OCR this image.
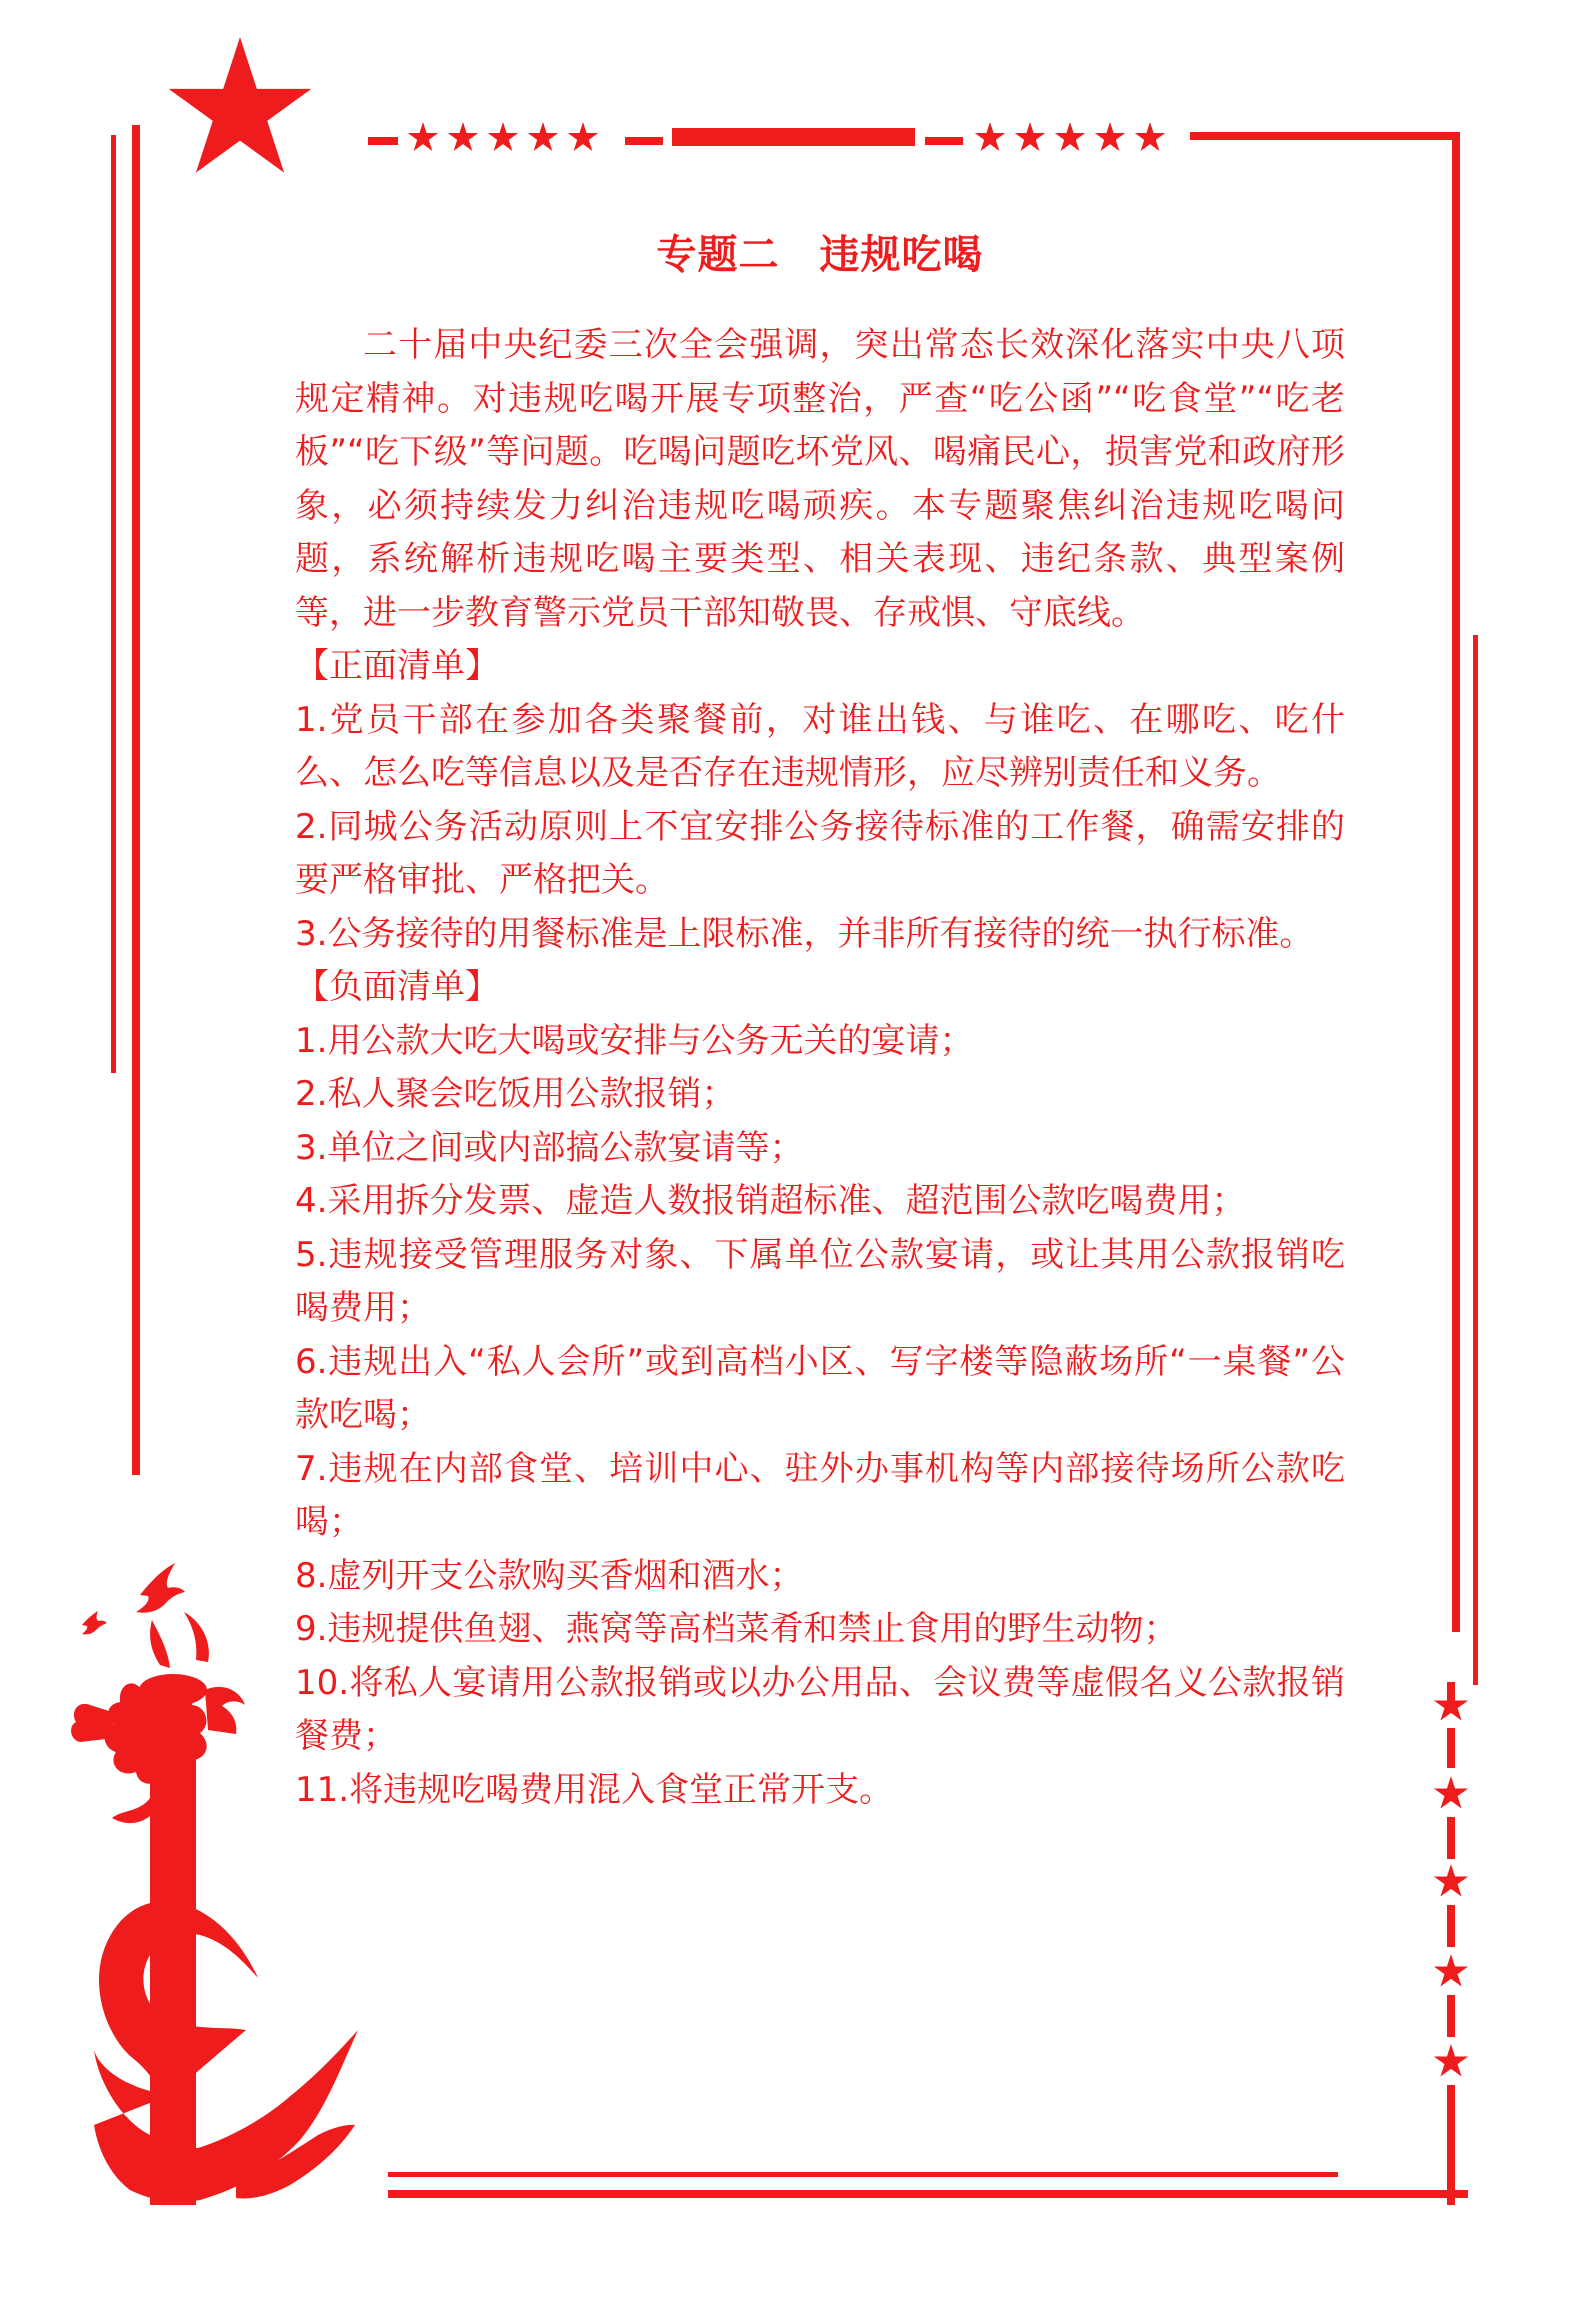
专题二 违规吃喝

二十届中央纪委三次全会强调，突出常态长效深化落实中央八项规定精神。对违规吃喝开展专项整治，严查“吃公函”“吃食堂”“吃老板”“吃下级”等问题。吃喝问题吃坏党风、喝痛民心，损害党和政府形象，必须持续发力纠治违规吃喝顽疾。本专题聚焦纠治违规吃喝问题，系统解析违规吃喝主要类型、相关表现、违纪条款、典型案例等，进一步教育警示党员干部知敬畏、存戒惧、守底线。

【正面清单】

1.党员干部在参加各类聚餐前，对谁出钱、与谁吃、在哪吃、吃什么、怎么吃等信息以及是否存在违规情形，应尽辨别责任和义务。

2.同城公务活动原则上不宜安排公务接待标准的工作餐，确需安排的要严格审批、严格把关。

3.公务接待的用餐标准是上限标准，并非所有接待的统一执行标准。

【负面清单】

1.用公款大吃大喝或安排与公务无关的宴请；

2.私人聚会吃饭用公款报销；

3.单位之间或内部搞公款宴请等；

4.采用拆分发票、虚造人数报销超标准、超范围公款吃喝费用；

5.违规接受管理服务对象、下属单位公款宴请，或让其用公款报销吃喝费用；

6.违规出入“私人会所”或到高档小区、写字楼等隐蔽场所“一桌餐”公款吃喝；

7.违规在内部食堂、培训中心、驻外办事机构等内部接待场所公款吃喝；

8.虚列开支公款购买香烟和酒水；

9.违规提供鱼翅、燕窝等高档菜肴和禁止食用的野生动物；

10.将私人宴请用公款报销或以办公用品、会议费等虚假名义公款报销餐费；

11.将违规吃喝费用混入食堂正常开支。
